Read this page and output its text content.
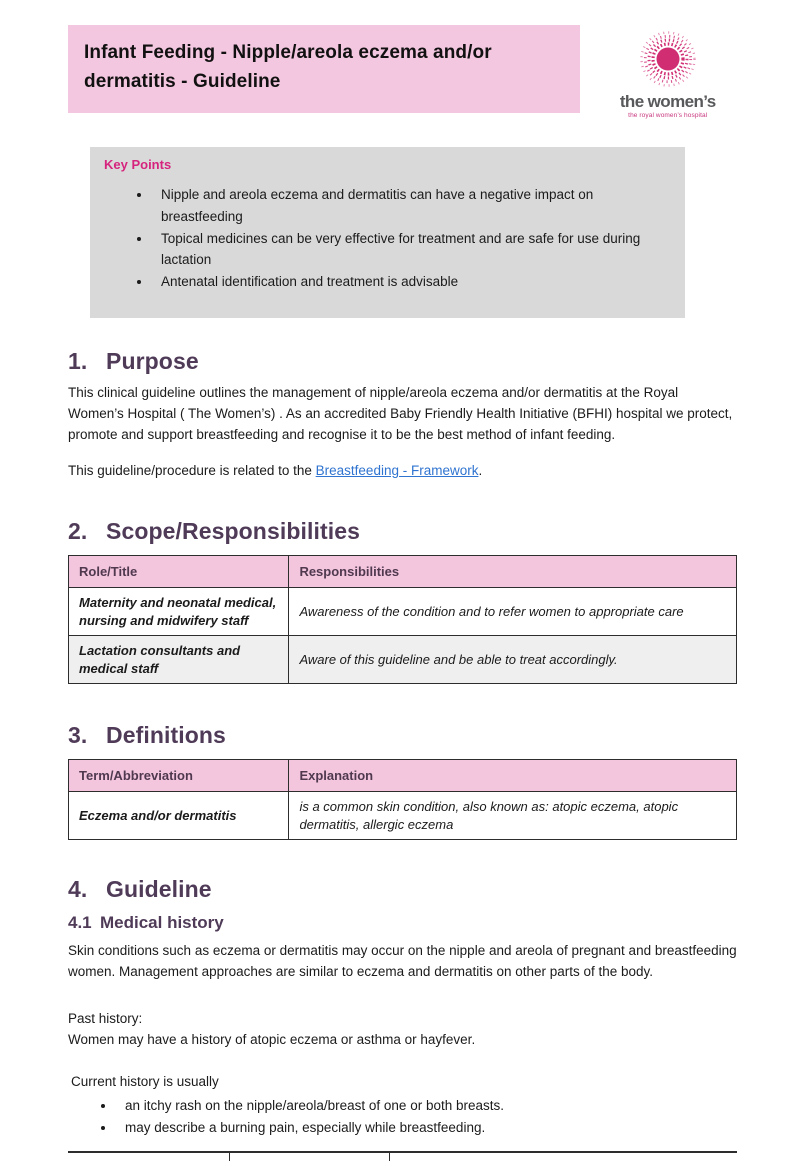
Infant Feeding - Nipple/areola eczema and/or dermatitis - Guideline
the women’s
the royal women’s hospital
Key Points
• Nipple and areola eczema and dermatitis can have a negative impact on breastfeeding
• Topical medicines can be very effective for treatment and are safe for use during lactation
• Antenatal identification and treatment is advisable
1. Purpose

This clinical guideline outlines the management of nipple/areola eczema and/or dermatitis at the Royal Women’s Hospital ( The Women’s) . As an accredited Baby Friendly Health Initiative (BFHI) hospital we protect, promote and support breastfeeding and recognise it to be the best method of infant feeding.

This guideline/procedure is related to the Breastfeeding - Framework.

2. Scope/Responsibilities
Role/Title	Responsibilities
Maternity and neonatal medical, nursing and midwifery staff	Awareness of the condition and to refer women to appropriate care
Lactation consultants and medical staff	Aware of this guideline and be able to treat accordingly.
3. Definitions
Term/Abbreviation	Explanation
Eczema and/or dermatitis	is a common skin condition, also known as: atopic eczema, atopic dermatitis, allergic eczema
4. Guideline
4.1 Medical history

Skin conditions such as eczema or dermatitis may occur on the nipple and areola of pregnant and breastfeeding women. Management approaches are similar to eczema and dermatitis on other parts of the body.

Past history:
Women may have a history of atopic eczema or asthma or hayfever.
Current history is usually
• an itchy rash on the nipple/areola/breast of one or both breasts.
• may describe a burning pain, especially while breastfeeding.
